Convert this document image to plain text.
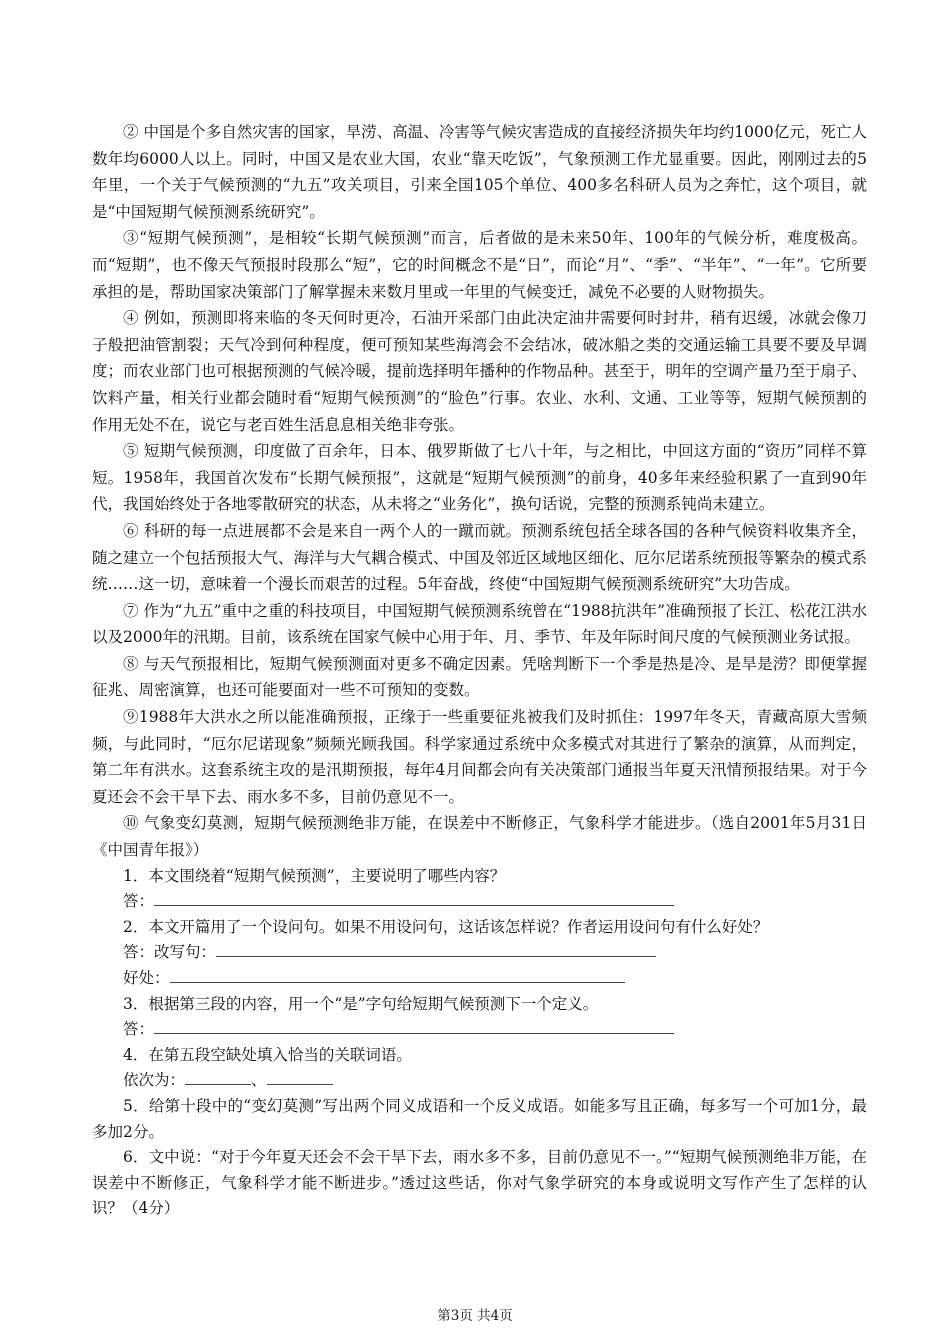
② 中国是个多自然灾害的国家，旱涝、高温、冷害等气候灾害造成的直接经济损失年均约1000亿元，死亡人数年均6000人以上。同时，中国又是农业大国，农业“靠天吃饭”，气象预测工作尤显重要。因此，刚刚过去的5年里，一个关于气候预测的“九五”攻关项目，引来全国105个单位、400多名科研人员为之奔忙，这个项目，就是“中国短期气候预测系统研究”。

③“短期气候预测”，是相较“长期气候预测”而言，后者做的是未来50年、100年的气候分析，难度极高。而“短期”，也不像天气预报时段那么“短”，它的时间概念不是“日”，而论“月”、“季”、“半年”、“一年”。它所要承担的是，帮助国家决策部门了解掌握未来数月里或一年里的气候变迁，减免不必要的人财物损失。

④ 例如，预测即将来临的冬天何时更冷，石油开采部门由此决定油井需要何时封井，稍有迟缓，冰就会像刀子般把油管割裂；天气冷到何种程度，便可预知某些海湾会不会结冰，破冰船之类的交通运输工具要不要及早调度；而农业部门也可根据预测的气候冷暖，提前选择明年播种的作物品种。甚至于，明年的空调产量乃至于扇子、饮料产量，相关行业都会随时看“短期气候预测”的“脸色”行事。农业、水利、文通、工业等等，短期气候预割的作用无处不在，说它与老百姓生活息息相关绝非夸张。

⑤ 短期气候预测，印度做了百余年，日本、俄罗斯做了七八十年，与之相比，中回这方面的“资历”同样不算短。1958年，我国首次发布“长期气候预报”，这就是“短期气候预测”的前身，40多年来经验积累了一直到90年代，我国始终处于各地零散研究的状态，从未将之“业务化”，换句话说，完整的预测系钝尚未建立。

⑥ 科研的每一点进展都不会是来自一两个人的一蹴而就。预测系统包括全球各国的各种气候资料收集齐全，随之建立一个包括预报大气、海洋与大气耦合模式、中国及邻近区域地区细化、厄尔尼诺系统预报等繁杂的模式系统……这一切，意味着一个漫长而艰苦的过程。5年奋战，终使“中国短期气候预测系统研究”大功告成。

⑦ 作为“九五”重中之重的科技项目，中国短期气候预测系统曾在“1988抗洪年”准确预报了长江、松花江洪水以及2000年的汛期。目前，该系统在国家气候中心用于年、月、季节、年及年际时间尺度的气候预测业务试报。

⑧ 与天气预报相比，短期气候预测面对更多不确定因素。凭啥判断下一个季是热是冷、是旱是涝？即便掌握征兆、周密演算，也还可能要面对一些不可预知的变数。

⑨1988年大洪水之所以能准确预报，正缘于一些重要征兆被我们及时抓住：1997年冬天，青藏高原大雪频频，与此同时，“厄尔尼诺现象”频频光顾我国。科学家通过系统中众多模式对其进行了繁杂的演算，从而判定，第二年有洪水。这套系统主攻的是汛期预报，每年4月间都会向有关决策部门通报当年夏天汛情预报结果。对于今夏还会不会干旱下去、雨水多不多，目前仍意见不一。

⑩ 气象变幻莫测，短期气候预测绝非万能，在误差中不断修正，气象科学才能进步。（选自2001年5月31日《中国青年报》）

1．本文围绕着“短期气候预测”，主要说明了哪些内容？

答：

2．本文开篇用了一个设问句。如果不用设问句，这话该怎样说？作者运用设问句有什么好处？

答：改写句：
好处：

3．根据第三段的内容，用一个“是”字句给短期气候预测下一个定义。

答：

4．在第五段空缺处填入恰当的关联词语。

依次为：	、

5．给第十段中的“变幻莫测”写出两个同义成语和一个反义成语。如能多写且正确，每多写一个可加1分，最多加2分。

6．文中说：“对于今年夏天还会不会干旱下去，雨水多不多，目前仍意见不一。”“短期气候预测绝非万能，在误差中不断修正，气象科学才能不断进步。”透过这些话，你对气象学研究的本身或说明文写作产生了怎样的认识？（4分）

第3页 共4页
